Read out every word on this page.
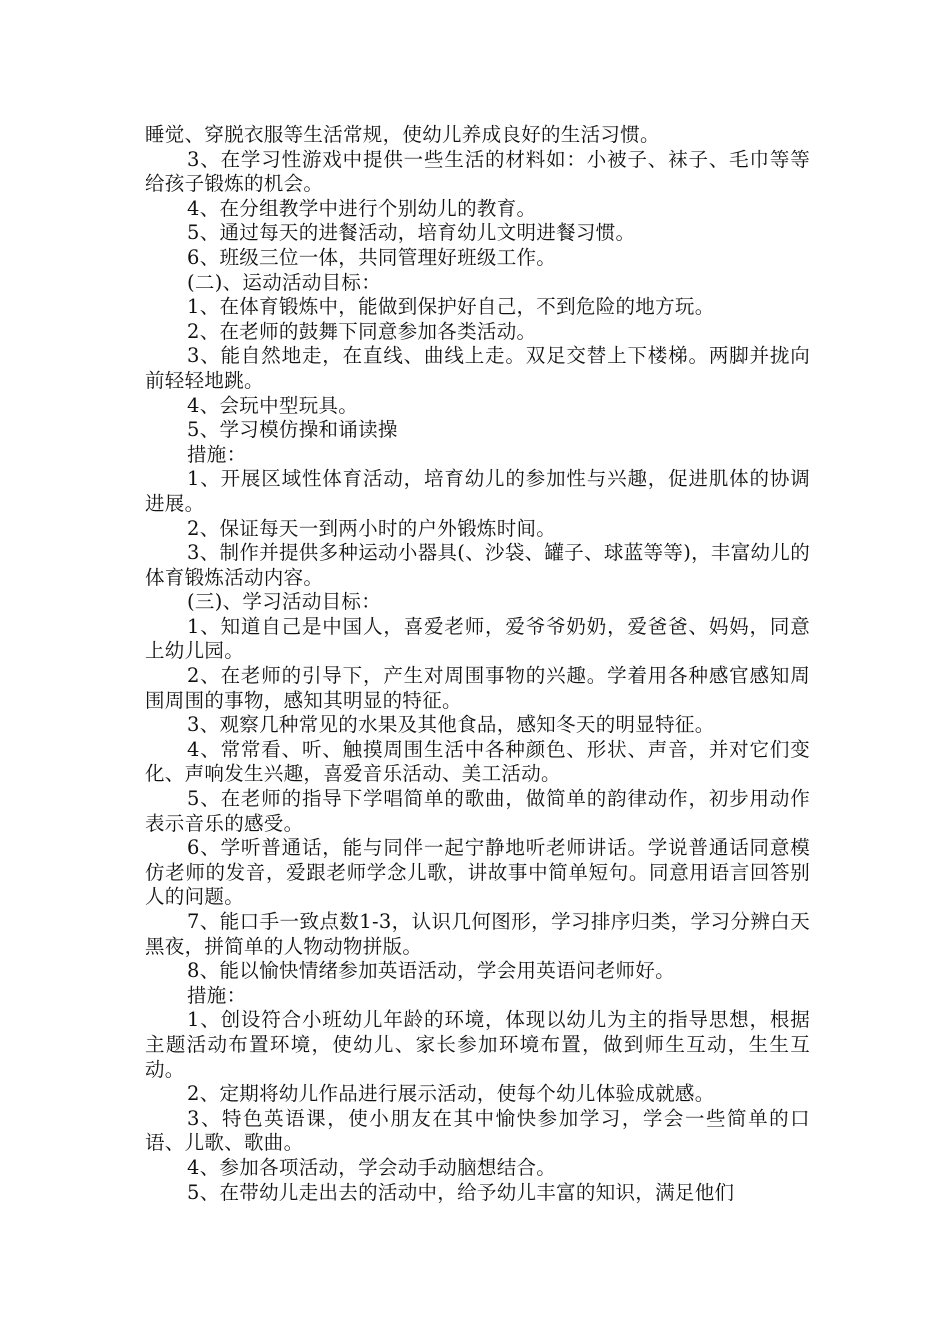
睡觉、穿脱衣服等生活常规，使幼儿养成良好的生活习惯。

3、在学习性游戏中提供一些生活的材料如：小被子、袜子、毛巾等等给孩子锻炼的机会。

4、在分组教学中进行个别幼儿的教育。

5、通过每天的进餐活动，培育幼儿文明进餐习惯。

6、班级三位一体，共同管理好班级工作。

(二)、运动活动目标：

1、在体育锻炼中，能做到保护好自己，不到危险的地方玩。

2、在老师的鼓舞下同意参加各类活动。

3、能自然地走，在直线、曲线上走。双足交替上下楼梯。两脚并拢向前轻轻地跳。

4、会玩中型玩具。

5、学习模仿操和诵读操

措施：

1、开展区域性体育活动，培育幼儿的参加性与兴趣，促进肌体的协调进展。

2、保证每天一到两小时的户外锻炼时间。

3、制作并提供多种运动小器具(、沙袋、罐子、球蓝等等)，丰富幼儿的体育锻炼活动内容。

(三)、学习活动目标：

1、知道自己是中国人，喜爱老师，爱爷爷奶奶，爱爸爸、妈妈，同意上幼儿园。

2、在老师的引导下，产生对周围事物的兴趣。学着用各种感官感知周围周围的事物，感知其明显的特征。

3、观察几种常见的水果及其他食品，感知冬天的明显特征。

4、常常看、听、触摸周围生活中各种颜色、形状、声音，并对它们变化、声响发生兴趣，喜爱音乐活动、美工活动。

5、在老师的指导下学唱简单的歌曲，做简单的韵律动作，初步用动作表示音乐的感受。

6、学听普通话，能与同伴一起宁静地听老师讲话。学说普通话同意模仿老师的发音，爱跟老师学念儿歌，讲故事中简单短句。同意用语言回答别人的问题。

7、能口手一致点数1-3，认识几何图形，学习排序归类，学习分辨白天黑夜，拼简单的人物动物拼版。

8、能以愉快情绪参加英语活动，学会用英语问老师好。

措施：

1、创设符合小班幼儿年龄的环境，体现以幼儿为主的指导思想，根据主题活动布置环境，使幼儿、家长参加环境布置，做到师生互动，生生互动。

2、定期将幼儿作品进行展示活动，使每个幼儿体验成就感。

3、特色英语课，使小朋友在其中愉快参加学习，学会一些简单的口语、儿歌、歌曲。

4、参加各项活动，学会动手动脑想结合。

5、在带幼儿走出去的活动中，给予幼儿丰富的知识，满足他们
